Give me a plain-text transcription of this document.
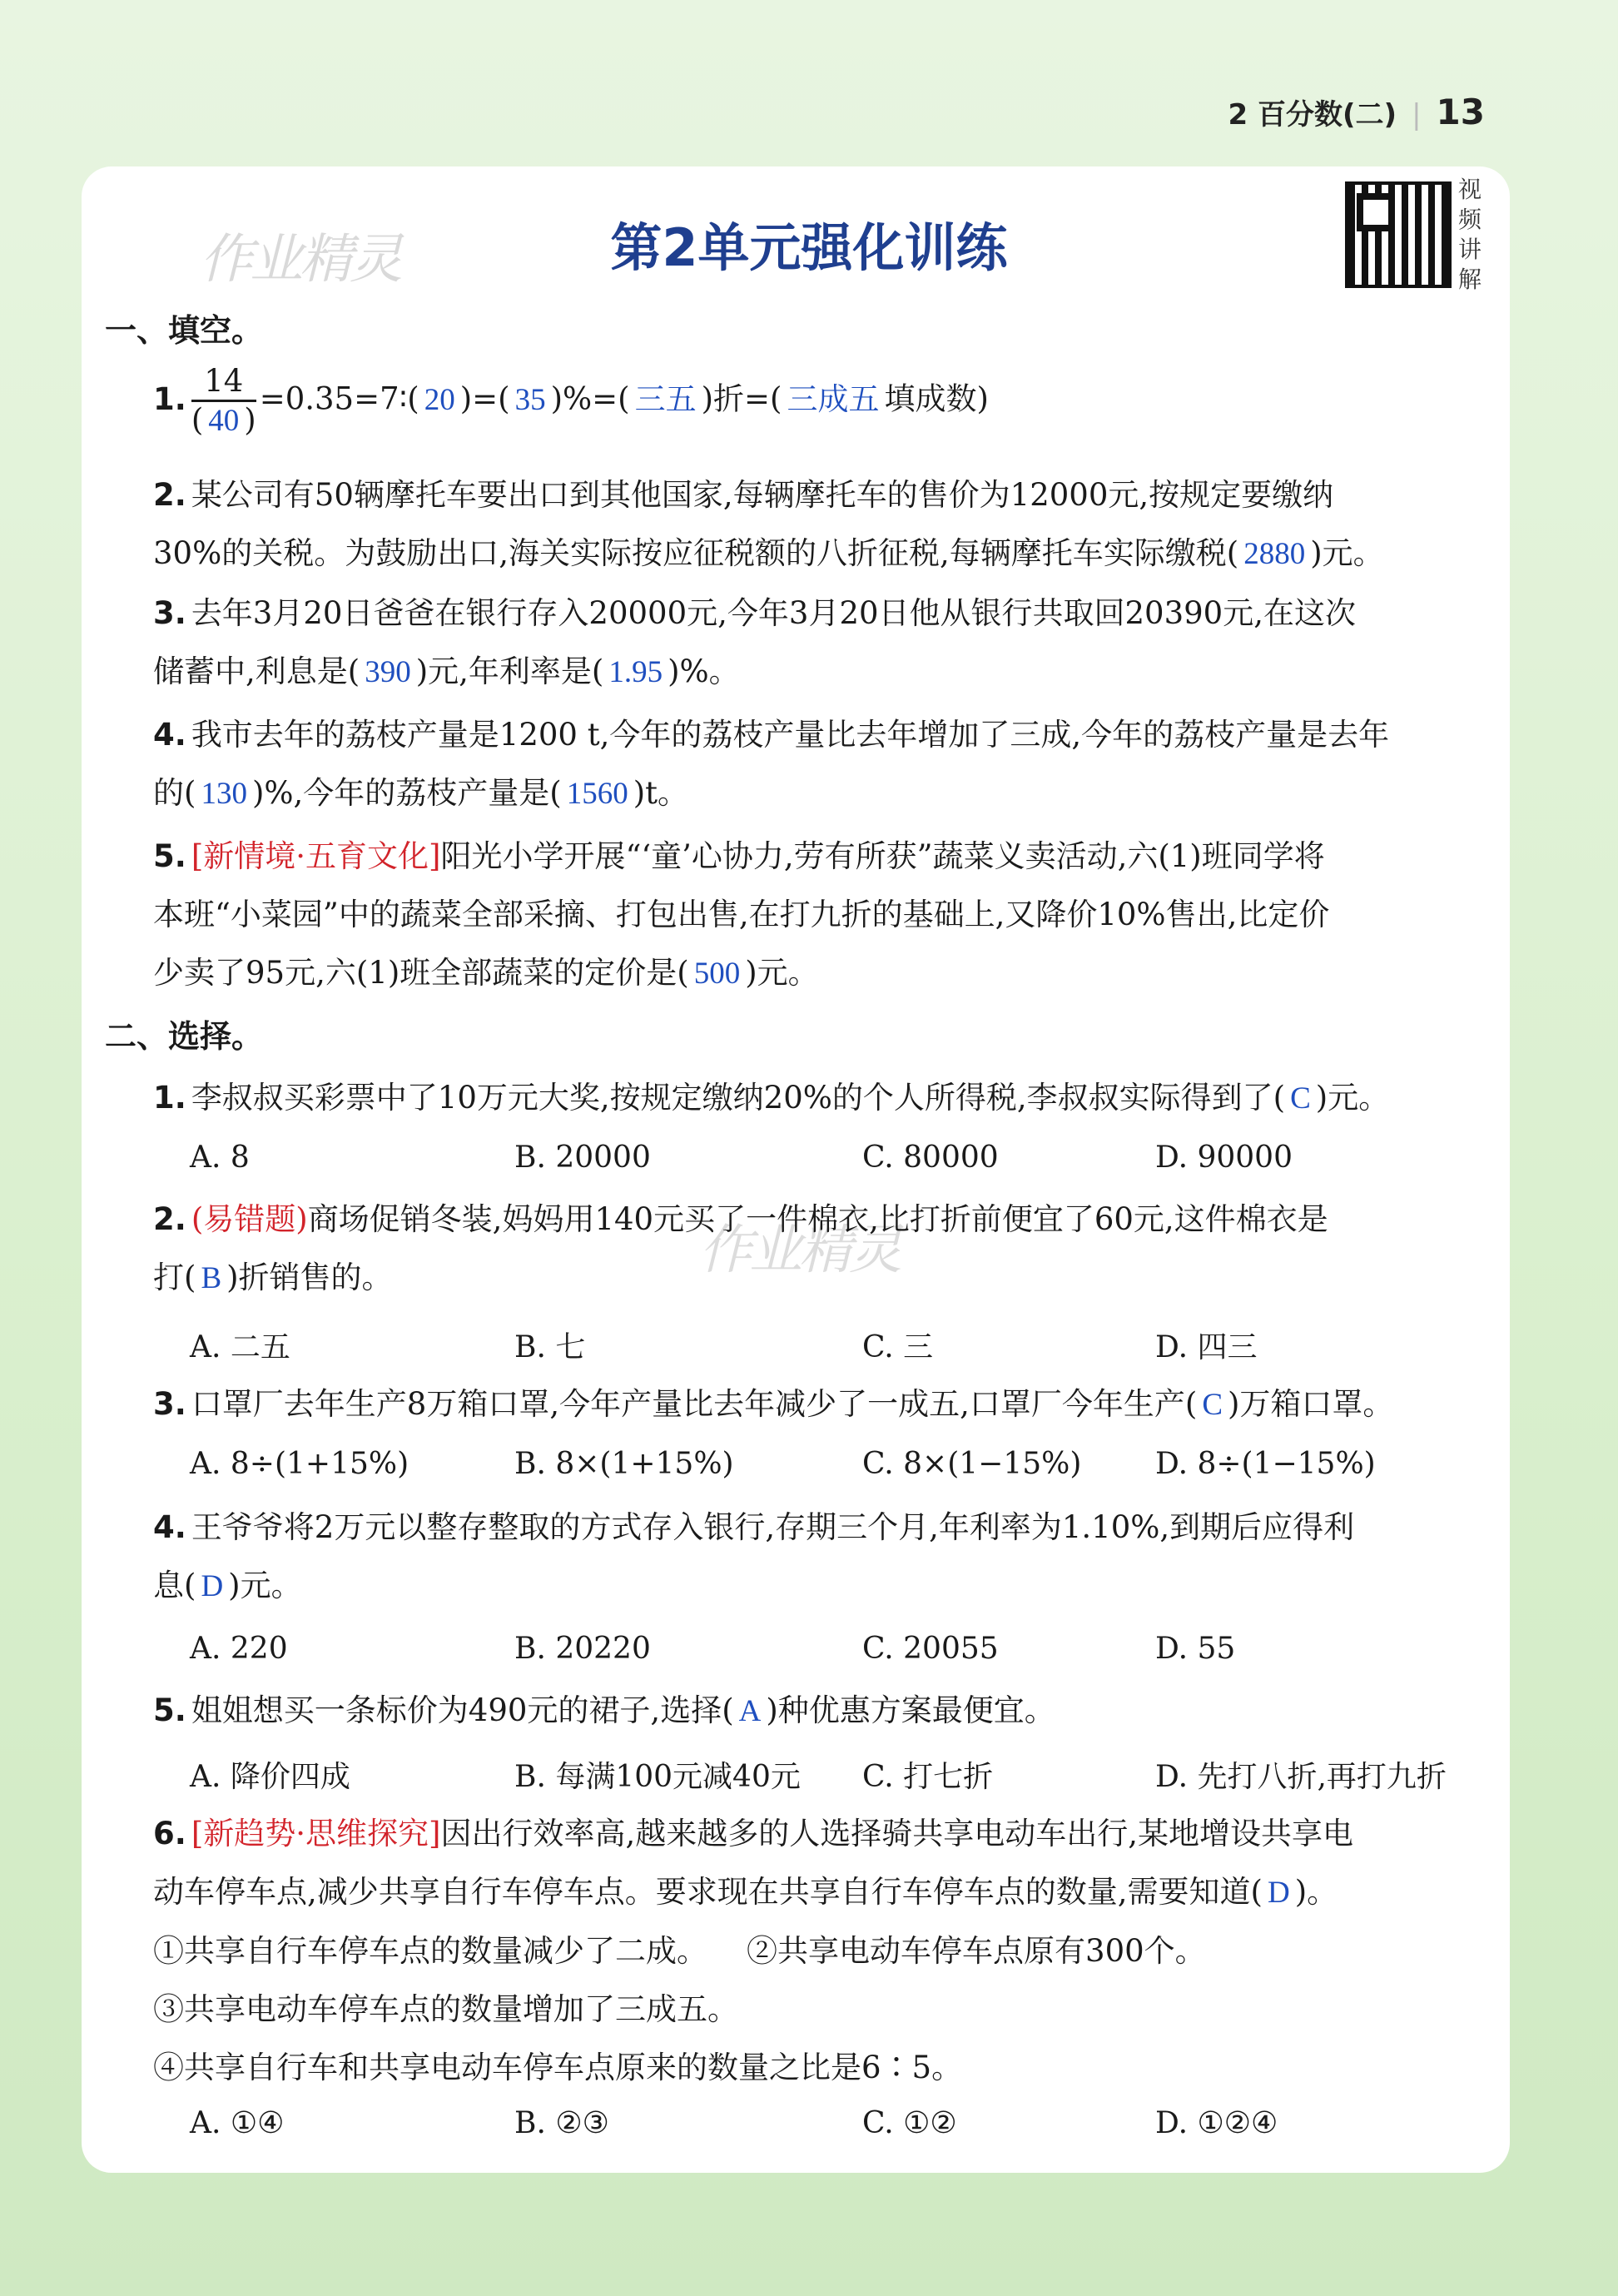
2 百分数(二) | 13
作业精灵
作业精灵
第2单元强化训练
视频讲解
一、填空。
1. $\frac{14}{( 40 )}$ =0.35=7∶( 20 )=( 35 )%=( 三五 )折=( 三成五 填成数)
2. 某公司有50辆摩托车要出口到其他国家,每辆摩托车的售价为12000元,按规定要缴纳
30%的关税。为鼓励出口,海关实际按应征税额的八折征税,每辆摩托车实际缴税( 2880 )元。
3. 去年3月20日爸爸在银行存入20000元,今年3月20日他从银行共取回20390元,在这次
储蓄中,利息是( 390 )元,年利率是( 1.95 )%。
4. 我市去年的荔枝产量是1200 t,今年的荔枝产量比去年增加了三成,今年的荔枝产量是去年
的( 130 )%,今年的荔枝产量是( 1560 )t。
5. [新情境·五育文化]阳光小学开展“‘童’心协力,劳有所获”蔬菜义卖活动,六(1)班同学将
本班“小菜园”中的蔬菜全部采摘、打包出售,在打九折的基础上,又降价10%售出,比定价
少卖了95元,六(1)班全部蔬菜的定价是( 500 )元。
二、选择。
1. 李叔叔买彩票中了10万元大奖,按规定缴纳20%的个人所得税,李叔叔实际得到了( C )元。
A. 8	B. 20000	C. 80000	D. 90000
2. (易错题)商场促销冬装,妈妈用140元买了一件棉衣,比打折前便宜了60元,这件棉衣是
打( B )折销售的。
A. 二五	B. 七	C. 三	D. 四三
3. 口罩厂去年生产8万箱口罩,今年产量比去年减少了一成五,口罩厂今年生产( C )万箱口罩。
A. 8÷(1+15%)	B. 8×(1+15%)	C. 8×(1−15%) D. 8÷(1−15%)
4. 王爷爷将2万元以整存整取的方式存入银行,存期三个月,年利率为1.10%,到期后应得利
息( D )元。
A. 220	B. 20220	C. 20055	D. 55
5. 姐姐想买一条标价为490元的裙子,选择( A )种优惠方案最便宜。
A. 降价四成	B. 每满100元减40元 C. 打七折	D. 先打八折,再打九折
6. [新趋势·思维探究]因出行效率高,越来越多的人选择骑共享电动车出行,某地增设共享电
动车停车点,减少共享自行车停车点。要求现在共享自行车停车点的数量,需要知道( D )。
①共享自行车停车点的数量减少了二成。 ②共享电动车停车点原有300个。
③共享电动车停车点的数量增加了三成五。
④共享自行车和共享电动车停车点原来的数量之比是6∶5。
A. ①④	B. ②③	C. ①②	D. ①②④
